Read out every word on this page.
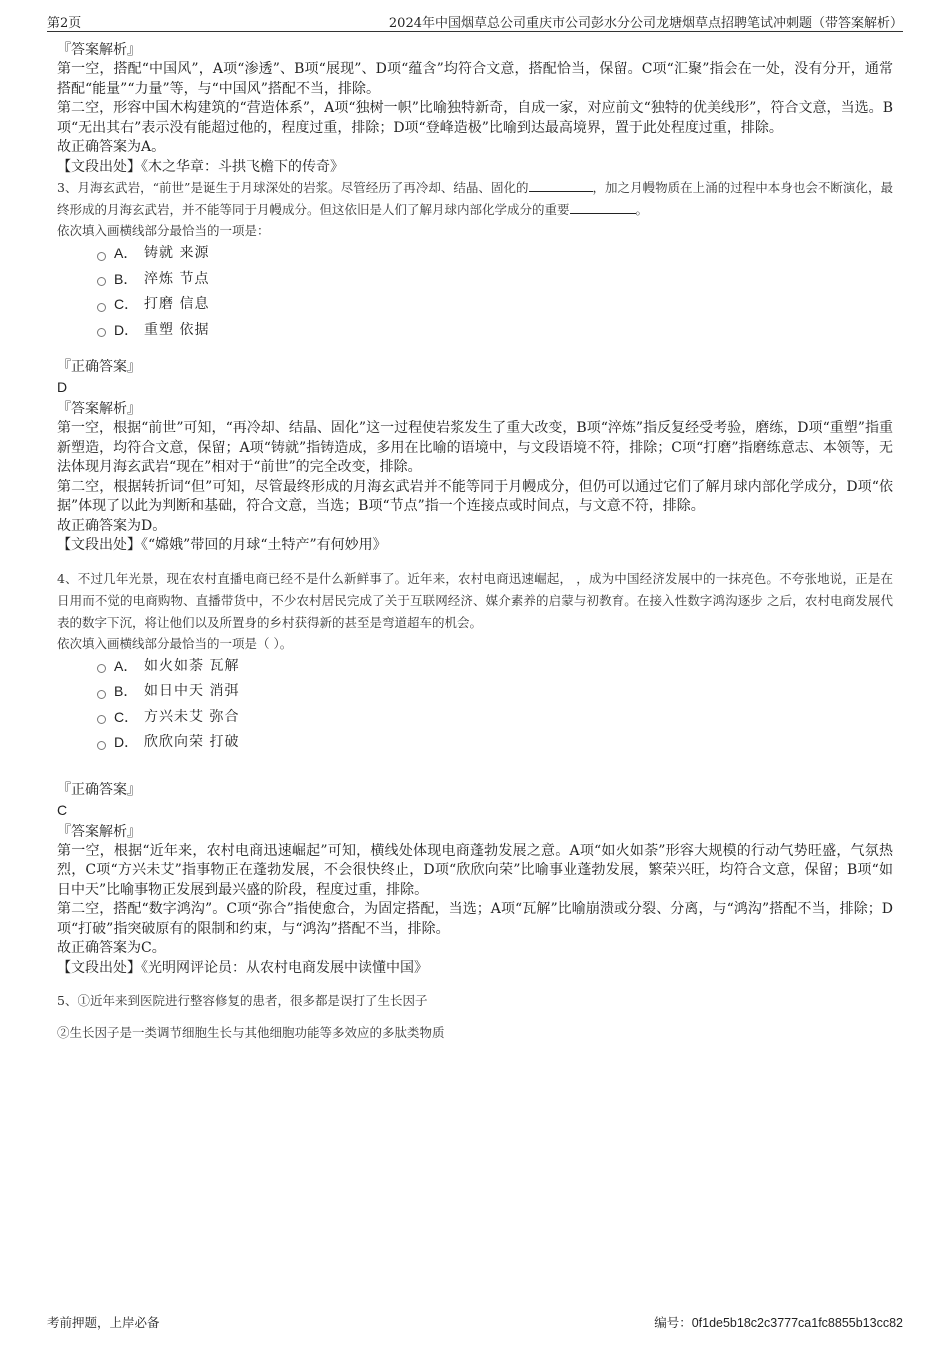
第2页	2024年中国烟草总公司重庆市公司彭水分公司龙塘烟草点招聘笔试冲刺题（带答案解析）

『答案解析』

第一空，搭配“中国风”，A项“渗透”、B项“展现”、D项“蕴含”均符合文意，搭配恰当，保留。C项“汇聚”指会在一处，没有分开，通常搭配“能量”“力量”等，与“中国风”搭配不当，排除。

第二空，形容中国木构建筑的“营造体系”，A项“独树一帜”比喻独特新奇，自成一家，对应前文“独特的优美线形”，符合文意，当选。B项“无出其右”表示没有能超过他的，程度过重，排除；D项“登峰造极”比喻到达最高境界，置于此处程度过重，排除。

故正确答案为A。

【文段出处】《木之华章：斗拱飞檐下的传奇》

3、月海玄武岩，“前世”是诞生于月球深处的岩浆。尽管经历了再冷却、结晶、固化的	，加之月幔物质在上涌的过程中本身也会不断演化，最终形成的月海玄武岩，并不能等同于月幔成分。但这依旧是人们了解月球内部化学成分的重要	。

依次填入画横线部分最恰当的一项是：

A． 铸就 来源
B． 淬炼 节点
C． 打磨 信息
D． 重塑 依据

『正确答案』

D

『答案解析』

第一空，根据“前世”可知，“再冷却、结晶、固化”这一过程使岩浆发生了重大改变，B项“淬炼”指反复经受考验，磨练，D项“重塑”指重新塑造，均符合文意，保留；A项“铸就”指铸造成，多用在比喻的语境中，与文段语境不符，排除；C项“打磨”指磨练意志、本领等，无法体现月海玄武岩“现在”相对于“前世”的完全改变，排除。

第二空，根据转折词“但”可知，尽管最终形成的月海玄武岩并不能等同于月幔成分，但仍可以通过它们了解月球内部化学成分，D项“依据”体现了以此为判断和基础，符合文意，当选；B项“节点”指一个连接点或时间点，与文意不符，排除。

故正确答案为D。

【文段出处】《“嫦娥”带回的月球“土特产”有何妙用》

4、不过几年光景，现在农村直播电商已经不是什么新鲜事了。近年来，农村电商迅速崛起， ，成为中国经济发展中的一抹亮色。不夸张地说，正是在日用而不觉的电商购物、直播带货中，不少农村居民完成了关于互联网经济、媒介素养的启蒙与初教育。在接入性数字鸿沟逐步 之后，农村电商发展代表的数字下沉，将让他们以及所置身的乡村获得新的甚至是弯道超车的机会。

依次填入画横线部分最恰当的一项是（ ）。

A． 如火如荼 瓦解
B． 如日中天 消弭
C． 方兴未艾 弥合
D． 欣欣向荣 打破

『正确答案』

C

『答案解析』

第一空，根据“近年来，农村电商迅速崛起”可知，横线处体现电商蓬勃发展之意。A项“如火如荼”形容大规模的行动气势旺盛，气氛热烈，C项“方兴未艾”指事物正在蓬勃发展，不会很快终止，D项“欣欣向荣”比喻事业蓬勃发展，繁荣兴旺，均符合文意，保留；B项“如日中天”比喻事物正发展到最兴盛的阶段，程度过重，排除。

第二空，搭配“数字鸿沟”。C项“弥合”指使愈合，为固定搭配，当选；A项“瓦解”比喻崩溃或分裂、分离，与“鸿沟”搭配不当，排除；D项“打破”指突破原有的限制和约束，与“鸿沟”搭配不当，排除。

故正确答案为C。

【文段出处】《光明网评论员：从农村电商发展中读懂中国》

5、①近年来到医院进行整容修复的患者，很多都是误打了生长因子

②生长因子是一类调节细胞生长与其他细胞功能等多效应的多肽类物质

考前押题，上岸必备	编号：0f1de5b18c2c3777ca1fc8855b13cc82
